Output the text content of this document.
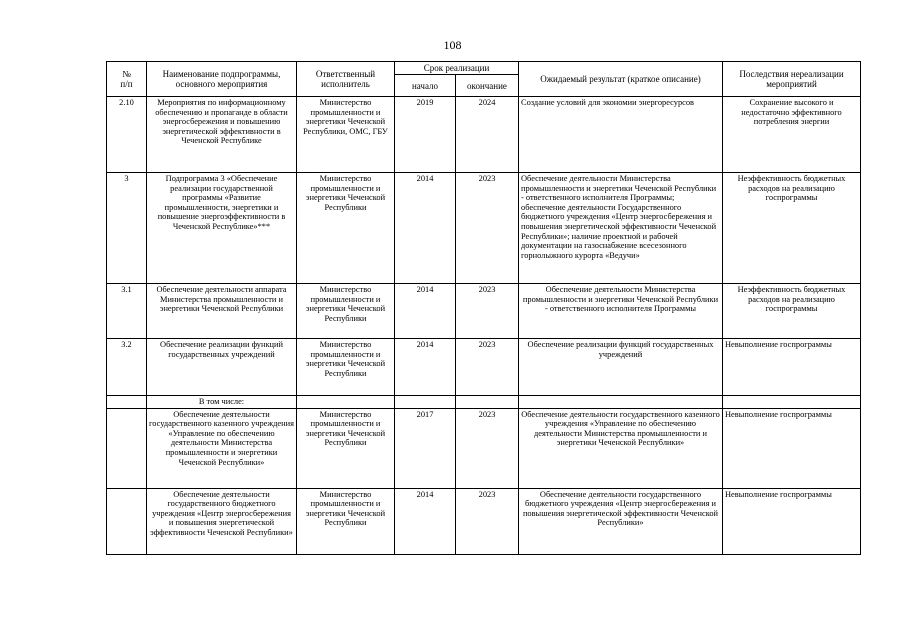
108
№
п/п	Наименование подпрограммы, основного мероприятия	Ответственный исполнитель	Срок реализации		Ожидаемый результат (краткое описание)	Последствия нереализации мероприятий
			начало	окончание		
2.10	Мероприятия по информационному обеспечению и пропаганде в области энергосбережения и повышению энергетической эффективности в Чеченской Республике	Министерство промышленности и энергетики Чеченской Республики, ОМС, ГБУ	2019	2024	Создание условий для экономии энергоресурсов	Сохранение высокого и недостаточно эффективного потребления энергии
3	Подпрограмма 3 «Обеспечение реализации государственной программы «Развитие промышленности, энергетики и повышение энергоэффективности в Чеченской Республике»***	Министерство промышленности и энергетики Чеченской Республики	2014	2023	Обеспечение деятельности Министерства промышленности и энергетики Чеченской Республики - ответственного исполнителя Программы; обеспечение деятельности Государственного бюджетного учреждения «Центр энергосбережения и повышения энергетической эффективности Чеченской Республики»; наличие проектной и рабочей документации на газоснабжение всесезонного горнолыжного курорта «Ведучи»	Неэффективность бюджетных расходов на реализацию госпрограммы
3.1	Обеспечение деятельности аппарата Министерства промышленности и энергетики Чеченской Республики	Министерство промышленности и энергетики Чеченской Республики	2014	2023	Обеспечение деятельности Министерства промышленности и энергетики Чеченской Республики - ответственного исполнителя Программы	Неэффективность бюджетных расходов на реализацию госпрограммы
3.2	Обеспечение реализации функций государственных учреждений	Министерство промышленности и энергетики Чеченской Республики	2014	2023	Обеспечение реализации функций государственных учреждений	Невыполнение госпрограммы
	В том числе:					
	Обеспечение деятельности государственного казенного учреждения «Управление по обеспечению деятельности Министерства промышленности и энергетики Чеченской Республики»	Министерство промышленности и энергетики Чеченской Республики	2017	2023	Обеспечение деятельности государственного казенного учреждения «Управление по обеспечению деятельности Министерства промышленности и энергетики Чеченской Республики»	Невыполнение госпрограммы
	Обеспечение деятельности государственного бюджетного учреждения «Центр энергосбережения и повышения энергетической эффективности Чеченской Республики»	Министерство промышленности и энергетики Чеченской Республики	2014	2023	Обеспечение деятельности государственного бюджетного учреждения «Центр энергосбережения и повышения энергетической эффективности Чеченской Республики»	Невыполнение госпрограммы
